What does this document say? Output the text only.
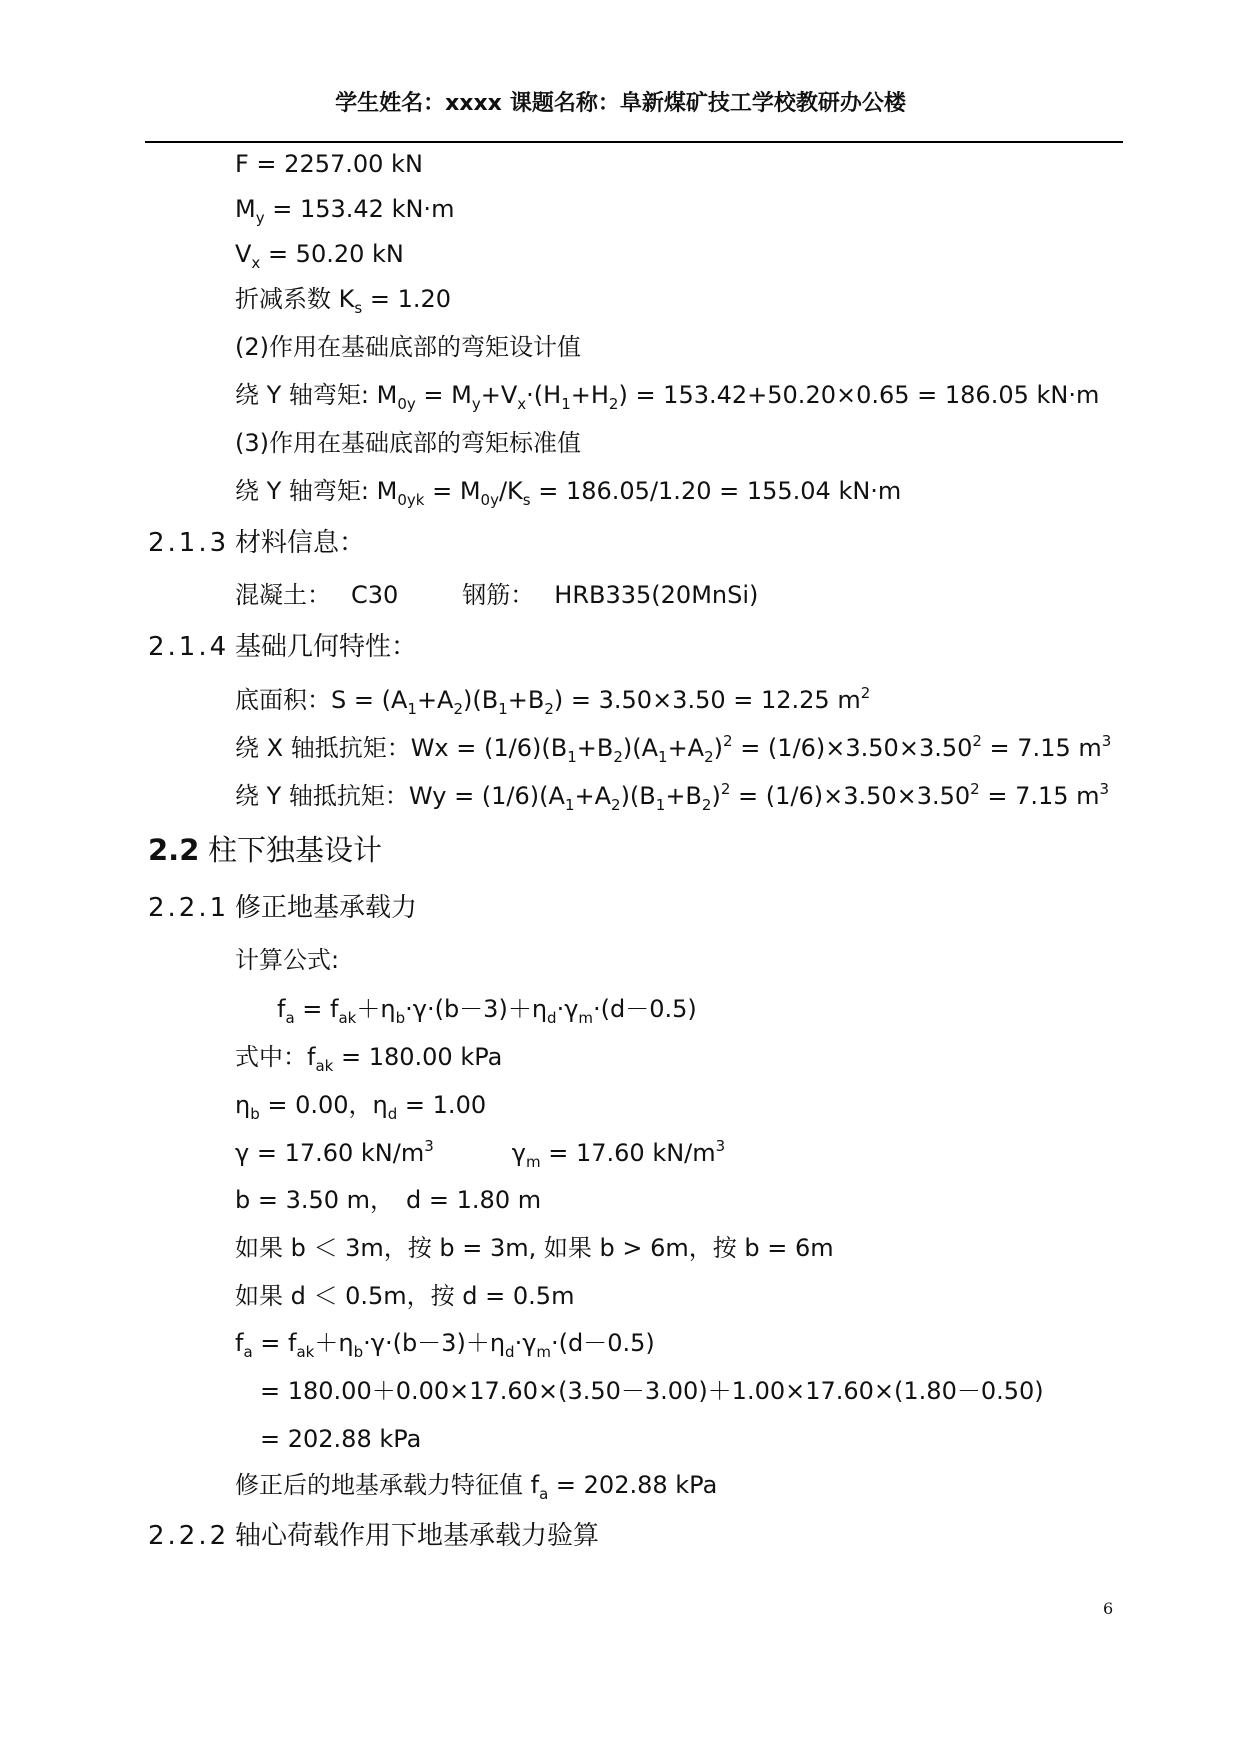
学生姓名：xxxx 课题名称：阜新煤矿技工学校教研办公楼
F = 2257.00 kN
$M_y = 153.42$ kN·m
$V_x = 50.20$ kN
折减系数 $K_s = 1.20$
(2)作用在基础底部的弯矩设计值
绕 Y 轴弯矩: $M_{0y} = M_y+V_x\cdot(H_1+H_2) = 153.42+50.20\times 0.65 = 186.05$ kN·m
(3)作用在基础底部的弯矩标准值
绕 Y 轴弯矩: $M_{0yk} = M_{0y}/K_s = 186.05/1.20 = 155.04$ kN·m
2.1.3 材料信息：
混凝土： C30	钢筋： HRB335(20MnSi)
2.1.4 基础几何特性：
底面积：$S = (A_1+A_2)(B_1+B_2) = 3.50\times 3.50 = 12.25$ $m^2$
绕 X 轴抵抗矩：$Wx = (1/6)(B_1+B_2)(A_1+A_2)^2 = (1/6)\times 3.50\times 3.50^2 = 7.15$ $m^3$
绕 Y 轴抵抗矩：$Wy = (1/6)(A_1+A_2)(B_1+B_2)^2 = (1/6)\times 3.50\times 3.50^2 = 7.15$ $m^3$
2.2 柱下独基设计
2.2.1 修正地基承载力
计算公式:
$f_a = f_{ak}+\eta_b\cdot\gamma\cdot(b-3)+\eta_d\cdot\gamma_m\cdot(d-0.5)$
式中：$f_{ak} = 180.00$ kPa
$\eta_b = 0.00$，$\eta_d = 1.00$
γ = 17.60 $kN/m^3$	$\gamma_m = 17.60$ $kN/m^3$
b = 3.50 m，　d = 1.80 m
如果 b ＜ 3m，按 b = 3m, 如果 b > 6m，按 b = 6m
如果 d ＜ 0.5m，按 d = 0.5m
$f_a = f_{ak}+\eta_b\cdot\gamma\cdot(b-3)+\eta_d\cdot\gamma_m\cdot(d-0.5)$
= 180.00＋0.00×17.60×(3.50－3.00)＋1.00×17.60×(1.80－0.50)
= 202.88 kPa
修正后的地基承载力特征值 $f_a = 202.88$ kPa
2.2.2 轴心荷载作用下地基承载力验算
6
